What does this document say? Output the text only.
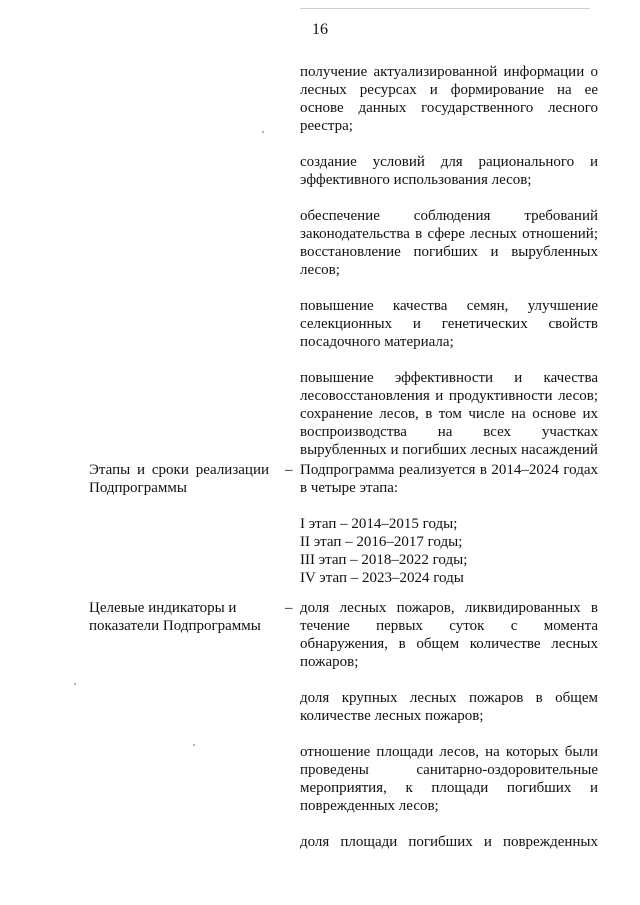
16

получение актуализированной информации о лесных ресурсах и формирование на ее основе данных государственного лесного реестра;

создание условий для рационального и эффективного использования лесов;

обеспечение соблюдения требований законодательства в сфере лесных отношений; восстановление погибших и вырубленных лесов;

повышение качества семян, улучшение селекционных и генетических свойств посадочного материала;

повышение эффективности и качества лесовосстановления и продуктивности лесов; сохранение лесов, в том числе на основе их воспроизводства на всех участках вырубленных и погибших лесных насаждений

Этапы и сроки реализации
Подпрограммы
– Подпрограмма реализуется в 2014–2024 годах в четыре этапа:

I этап – 2014–2015 годы;

II этап – 2016–2017 годы;

III этап – 2018–2022 годы;

IV этап – 2023–2024 годы

Целевые индикаторы и
показатели Подпрограммы
– доля лесных пожаров, ликвидированных в течение первых суток с момента обнаружения, в общем количестве лесных пожаров;

доля крупных лесных пожаров в общем количестве лесных пожаров;

отношение площади лесов, на которых были проведены санитарно-оздоровительные мероприятия, к площади погибших и поврежденных лесов;

доля площади погибших и поврежденных
